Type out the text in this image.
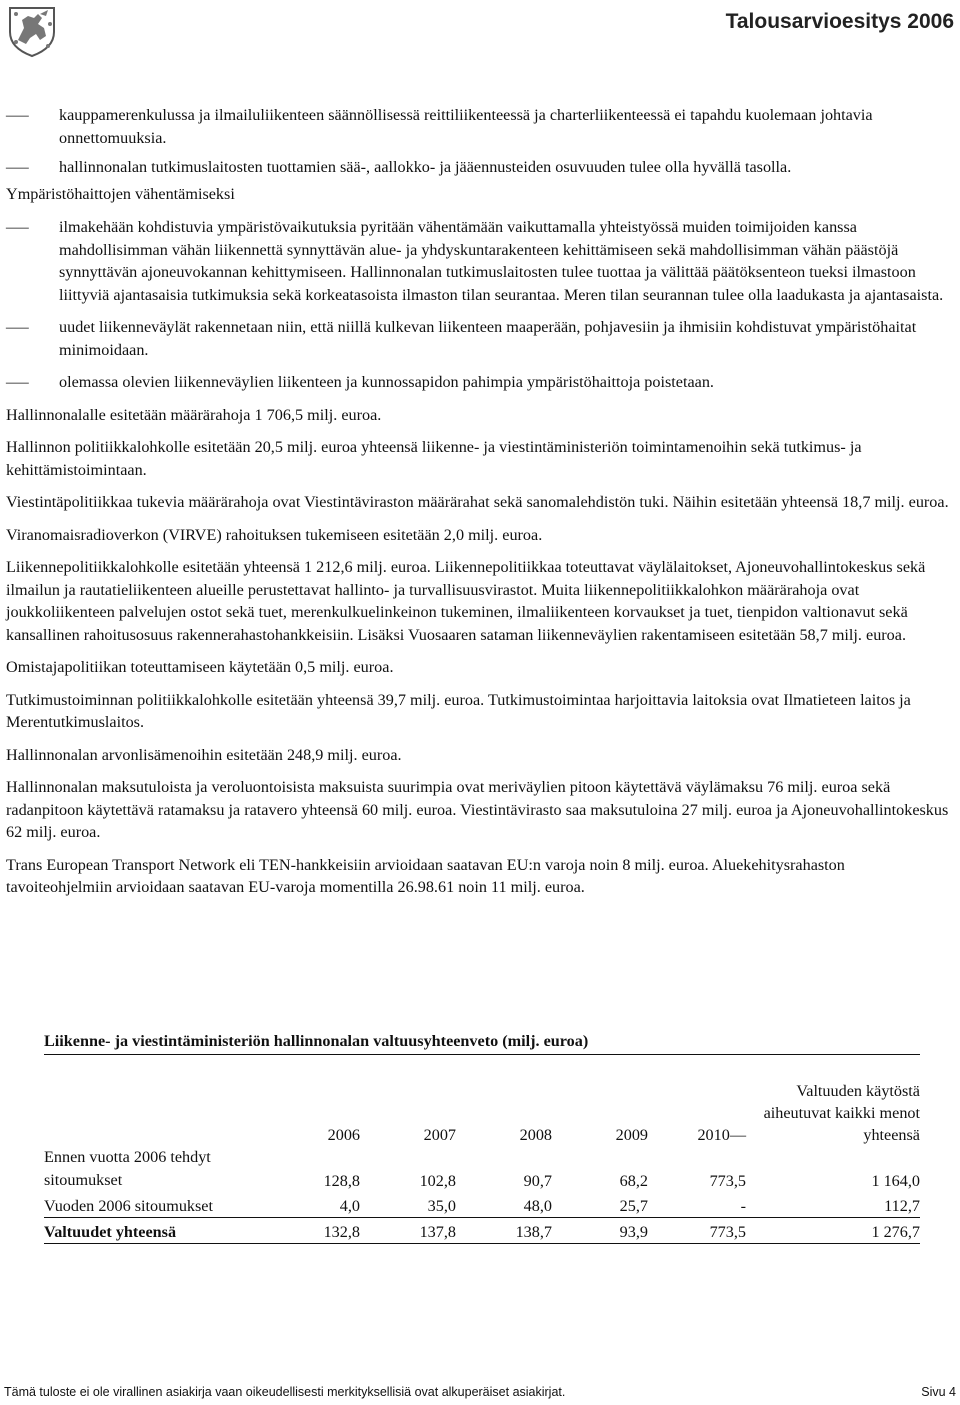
Talousarvioesitys 2006
— kauppamerenkulussa ja ilmailuliikenteen säännöllisessä reittiliikenteessä ja charterliikenteessä ei tapahdu kuolemaan johtavia onnettomuuksia.
— hallinnonalan tutkimuslaitosten tuottamien sää-, aallokko- ja jääennusteiden osuvuuden tulee olla hyvällä tasolla.
Ympäristöhaittojen vähentämiseksi
— ilmakehään kohdistuvia ympäristövaikutuksia pyritään vähentämään vaikuttamalla yhteistyössä muiden toimijoiden kanssa mahdollisimman vähän liikennettä synnyttävän alue- ja yhdyskuntarakenteen kehittämiseen sekä mahdollisimman vähän päästöjä synnyttävän ajoneuvokannan kehittymiseen. Hallinnonalan tutkimuslaitosten tulee tuottaa ja välittää päätöksenteon tueksi ilmastoon liittyviä ajantasaisia tutkimuksia sekä korkeatasoista ilmaston tilan seurantaa. Meren tilan seurannan tulee olla laadukasta ja ajantasaista.
— uudet liikenneväylät rakennetaan niin, että niillä kulkevan liikenteen maaperään, pohjavesiin ja ihmisiin kohdistuvat ympäristöhaitat minimoidaan.
— olemassa olevien liikenneväylien liikenteen ja kunnossapidon pahimpia ympäristöhaittoja poistetaan.

Hallinnonalalle esitetään määrärahoja 1 706,5 milj. euroa.

Hallinnon politiikkalohkolle esitetään 20,5 milj. euroa yhteensä liikenne- ja viestintäministeriön toimintamenoihin sekä tutkimus- ja kehittämistoimintaan.

Viestintäpolitiikkaa tukevia määrärahoja ovat Viestintäviraston määrärahat sekä sanomalehdistön tuki. Näihin esitetään yhteensä 18,7 milj. euroa.

Viranomaisradioverkon (VIRVE) rahoituksen tukemiseen esitetään 2,0 milj. euroa.

Liikennepolitiikkalohkolle esitetään yhteensä 1 212,6 milj. euroa. Liikennepolitiikkaa toteuttavat väylälaitokset, Ajoneuvohallintokeskus sekä ilmailun ja rautatieliikenteen alueille perustettavat hallinto- ja turvallisuusvirastot. Muita liikennepolitiikkalohkon määrärahoja ovat joukkoliikenteen palvelujen ostot sekä tuet, merenkulkuelinkeinon tukeminen, ilmaliikenteen korvaukset ja tuet, tienpidon valtionavut sekä kansallinen rahoitusosuus rakennerahastohankkeisiin. Lisäksi Vuosaaren sataman liikenneväylien rakentamiseen esitetään 58,7 milj. euroa.

Omistajapolitiikan toteuttamiseen käytetään 0,5 milj. euroa.

Tutkimustoiminnan politiikkalohkolle esitetään yhteensä 39,7 milj. euroa. Tutkimustoimintaa harjoittavia laitoksia ovat Ilmatieteen laitos ja Merentutkimuslaitos.

Hallinnonalan arvonlisämenoihin esitetään 248,9 milj. euroa.

Hallinnonalan maksutuloista ja veroluontoisista maksuista suurimpia ovat meriväylien pitoon käytettävä väylämaksu 76 milj. euroa sekä radanpitoon käytettävä ratamaksu ja ratavero yhteensä 60 milj. euroa. Viestintävirasto saa maksutuloina 27 milj. euroa ja Ajoneuvohallintokeskus 62 milj. euroa.

Trans European Transport Network eli TEN-hankkeisiin arvioidaan saatavan EU:n varoja noin 8 milj. euroa. Aluekehitysrahaston tavoiteohjelmiin arvioidaan saatavan EU-varoja momentilla 26.98.61 noin 11 milj. euroa.

Liikenne- ja viestintäministeriön hallinnonalan valtuusyhteenveto (milj. euroa)
	2006	2007	2008	2009	2010—	Valtuuden käytöstä aiheutuvat kaikki menot yhteensä
Ennen vuotta 2006 tehdyt sitoumukset	128,8	102,8	90,7	68,2	773,5	1 164,0
Vuoden 2006 sitoumukset	4,0	35,0	48,0	25,7	-	112,7
Valtuudet yhteensä	132,8	137,8	138,7	93,9	773,5	1 276,7
Tämä tuloste ei ole virallinen asiakirja vaan oikeudellisesti merkityksellisiä ovat alkuperäiset asiakirjat.	Sivu 4
